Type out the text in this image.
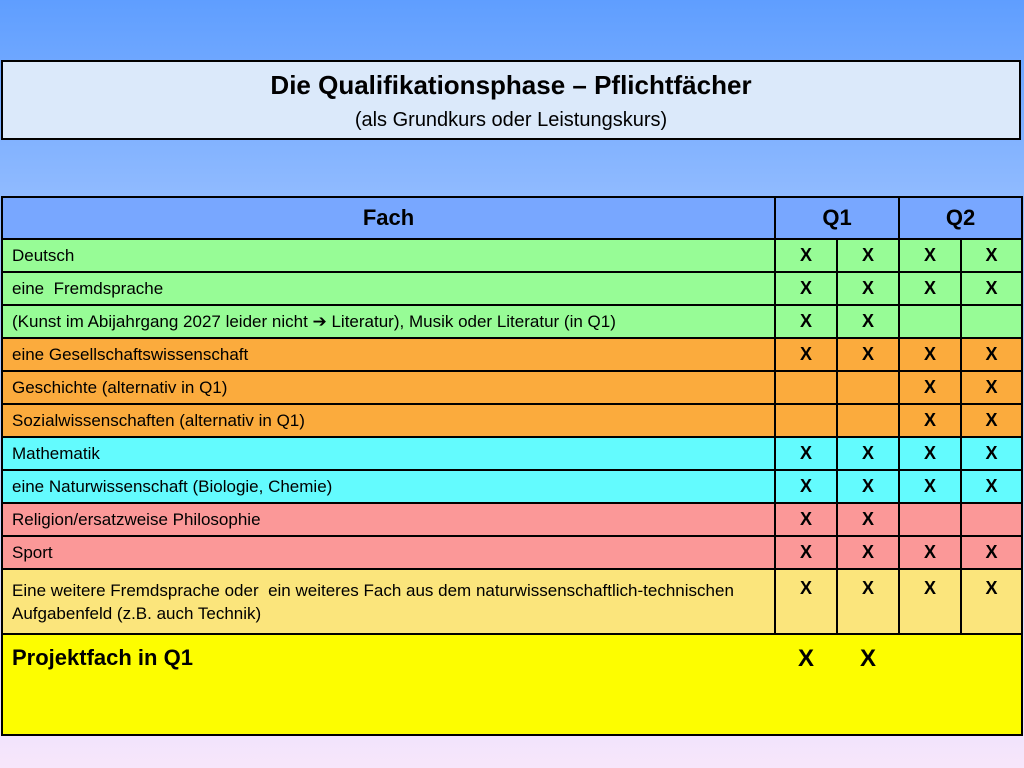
Die Qualifikationsphase – Pflichtfächer
(als Grundkurs oder Leistungskurs)
Fach	Q1		Q2	
Deutsch	X	X	X	X
eine  Fremdsprache	X	X	X	X
(Kunst im Abijahrgang 2027 leider nicht ➔ Literatur), Musik oder Literatur (in Q1)	X	X		
eine Gesellschaftswissenschaft	X	X	X	X
Geschichte (alternativ in Q1)			X	X
Sozialwissenschaften (alternativ in Q1)			X	X
Mathematik	X	X	X	X
eine Naturwissenschaft (Biologie, Chemie)	X	X	X	X
Religion/ersatzweise Philosophie	X	X		
Sport	X	X	X	X
Eine weitere Fremdsprache oder  ein weiteres Fach aus dem naturwissenschaftlich-technischen Aufgabenfeld (z.B. auch Technik)	X	X	X	X
Projektfach in Q1	X	X		
